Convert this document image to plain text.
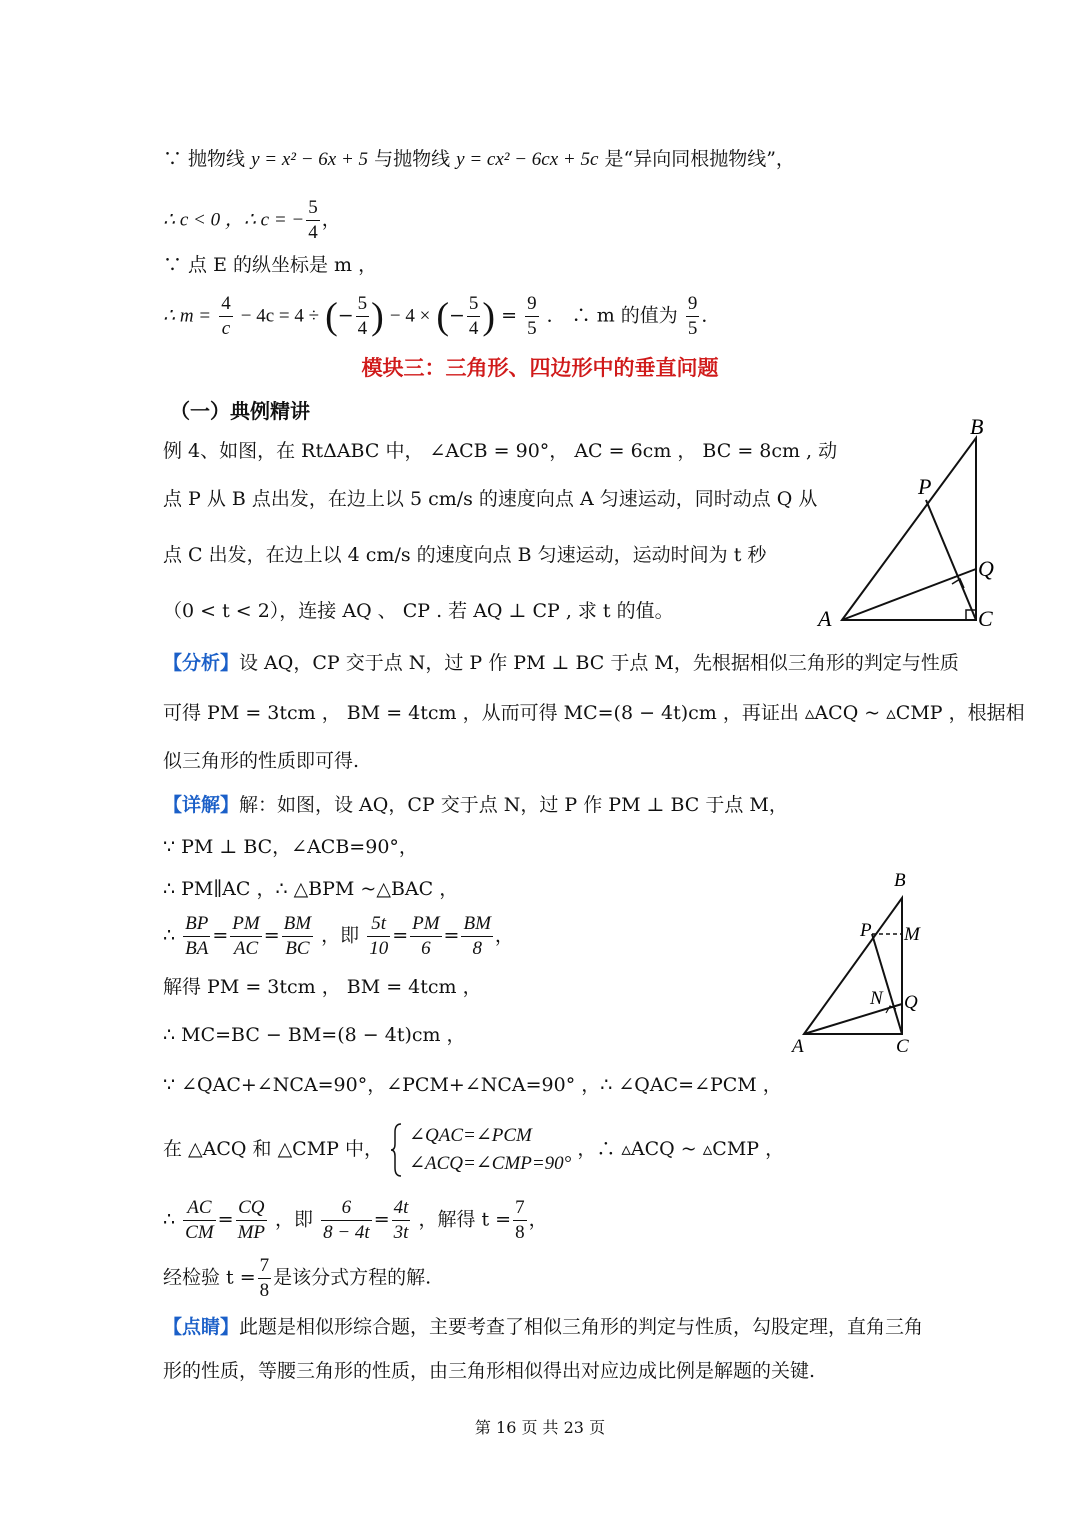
∵ 抛物线 y = x² − 6x + 5 与抛物线 y = cx² − 6cx + 5c 是“异向同根抛物线”，
∴ c < 0 ，∴ c = − $\frac{5}{4}$ ，
∵ 点 E 的纵坐标是 m ，
∴ $m = \frac{4}{c} - 4c = 4$ ÷ (− $\frac{5}{4}$ ) − 4 × (− $\frac{5}{4}$ ) = $\frac{9}{5}$ ． ∴ m 的值为 $\frac{9}{5}$ ．
模块三：三角形、四边形中的垂直问题
（一）典例精讲
例 4、如图，在 RtΔABC 中， ∠ACB = 90°， AC = 6cm ， BC = 8cm , 动
点 P 从 B 点出发，在边上以 5 cm/s 的速度向点 A 匀速运动，同时动点 Q 从
点 C 出发，在边上以 4 cm/s 的速度向点 B 匀速运动，运动时间为 t 秒
（0 < t < 2），连接 AQ 、 CP . 若 AQ ⊥ CP , 求 t 的值。
B
P
Q
C
A
【分析】设 AQ，CP 交于点 N，过 P 作 PM ⊥ BC 于点 M，先根据相似三角形的判定与性质
可得 PM = 3tcm ， BM = 4tcm ，从而可得 MC=(8 − 4t)cm ，再证出 ▵ACQ ~ ▵CMP ，根据相
似三角形的性质即可得.
【详解】解：如图，设 AQ，CP 交于点 N，过 P 作 PM ⊥ BC 于点 M，
∵ PM ⊥ BC，∠ACB=90°，
∴ PM∥AC ，∴ △BPM ~△BAC ，
∴ $\frac{BP}{BA} = \frac{PM}{AC} = \frac{BM}{BC}$ ，即 $\frac{5t}{10} = \frac{PM}{6} = \frac{BM}{8}$ ，
解得 PM = 3tcm ， BM = 4tcm ，
∴ MC=BC − BM=(8 − 4t)cm ，
∵ ∠QAC+∠NCA=90°，∠PCM+∠NCA=90° ，∴ ∠QAC=∠PCM ，
在 △ACQ 和 △CMP 中，
∠QAC=∠PCM
∠ACQ=∠CMP=90°
，∴ ▵ACQ ~ ▵CMP ，
∴ $\frac{AC}{CM} = \frac{CQ}{MP}$ ，即 $\frac{6}{8 - 4t} = \frac{4t}{3t}$ ，解得 $t = \frac{7}{8}$ ，
经检验 $t = \frac{7}{8}$ 是该分式方程的解.
B
P M
N Q
C
A
【点睛】此题是相似形综合题，主要考查了相似三角形的判定与性质，勾股定理，直角三角
形的性质，等腰三角形的性质，由三角形相似得出对应边成比例是解题的关键.
第 16 页 共 23 页
